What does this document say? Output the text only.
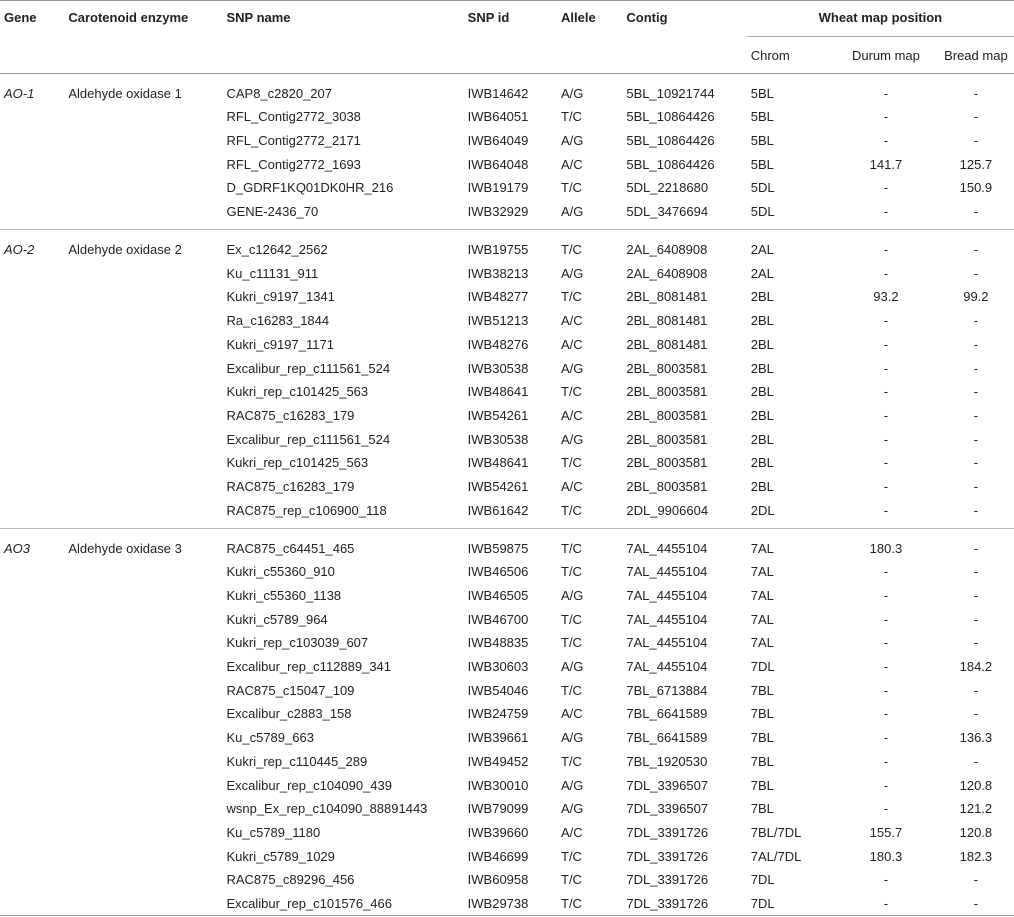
Gene	Carotenoid enzyme	SNP name	SNP id	Allele	Contig	Wheat map position		
						Chrom	Durum map	Bread map
AO-1	Aldehyde oxidase 1	CAP8_c2820_207	IWB14642	A/G	5BL_10921744	5BL	-	-
		RFL_Contig2772_3038	IWB64051	T/C	5BL_10864426	5BL	-	-
		RFL_Contig2772_2171	IWB64049	A/G	5BL_10864426	5BL	-	-
		RFL_Contig2772_1693	IWB64048	A/C	5BL_10864426	5BL	141.7	125.7
		D_GDRF1KQ01DK0HR_216	IWB19179	T/C	5DL_2218680	5DL	-	150.9
		GENE-2436_70	IWB32929	A/G	5DL_3476694	5DL	-	-
AO-2	Aldehyde oxidase 2	Ex_c12642_2562	IWB19755	T/C	2AL_6408908	2AL	-	-
		Ku_c11131_911	IWB38213	A/G	2AL_6408908	2AL	-	-
		Kukri_c9197_1341	IWB48277	T/C	2BL_8081481	2BL	93.2	99.2
		Ra_c16283_1844	IWB51213	A/C	2BL_8081481	2BL	-	-
		Kukri_c9197_1171	IWB48276	A/C	2BL_8081481	2BL	-	-
		Excalibur_rep_c111561_524	IWB30538	A/G	2BL_8003581	2BL	-	-
		Kukri_rep_c101425_563	IWB48641	T/C	2BL_8003581	2BL	-	-
		RAC875_c16283_179	IWB54261	A/C	2BL_8003581	2BL	-	-
		Excalibur_rep_c111561_524	IWB30538	A/G	2BL_8003581	2BL	-	-
		Kukri_rep_c101425_563	IWB48641	T/C	2BL_8003581	2BL	-	-
		RAC875_c16283_179	IWB54261	A/C	2BL_8003581	2BL	-	-
		RAC875_rep_c106900_118	IWB61642	T/C	2DL_9906604	2DL	-	-
AO3	Aldehyde oxidase 3	RAC875_c64451_465	IWB59875	T/C	7AL_4455104	7AL	180.3	-
		Kukri_c55360_910	IWB46506	T/C	7AL_4455104	7AL	-	-
		Kukri_c55360_1138	IWB46505	A/G	7AL_4455104	7AL	-	-
		Kukri_c5789_964	IWB46700	T/C	7AL_4455104	7AL	-	-
		Kukri_rep_c103039_607	IWB48835	T/C	7AL_4455104	7AL	-	-
		Excalibur_rep_c112889_341	IWB30603	A/G	7AL_4455104	7DL	-	184.2
		RAC875_c15047_109	IWB54046	T/C	7BL_6713884	7BL	-	-
		Excalibur_c2883_158	IWB24759	A/C	7BL_6641589	7BL	-	-
		Ku_c5789_663	IWB39661	A/G	7BL_6641589	7BL	-	136.3
		Kukri_rep_c110445_289	IWB49452	T/C	7BL_1920530	7BL	-	-
		Excalibur_rep_c104090_439	IWB30010	A/G	7DL_3396507	7BL	-	120.8
		wsnp_Ex_rep_c104090_88891443	IWB79099	A/G	7DL_3396507	7BL	-	121.2
		Ku_c5789_1180	IWB39660	A/C	7DL_3391726	7BL/7DL	155.7	120.8
		Kukri_c5789_1029	IWB46699	T/C	7DL_3391726	7AL/7DL	180.3	182.3
		RAC875_c89296_456	IWB60958	T/C	7DL_3391726	7DL	-	-
		Excalibur_rep_c101576_466	IWB29738	T/C	7DL_3391726	7DL	-	-
